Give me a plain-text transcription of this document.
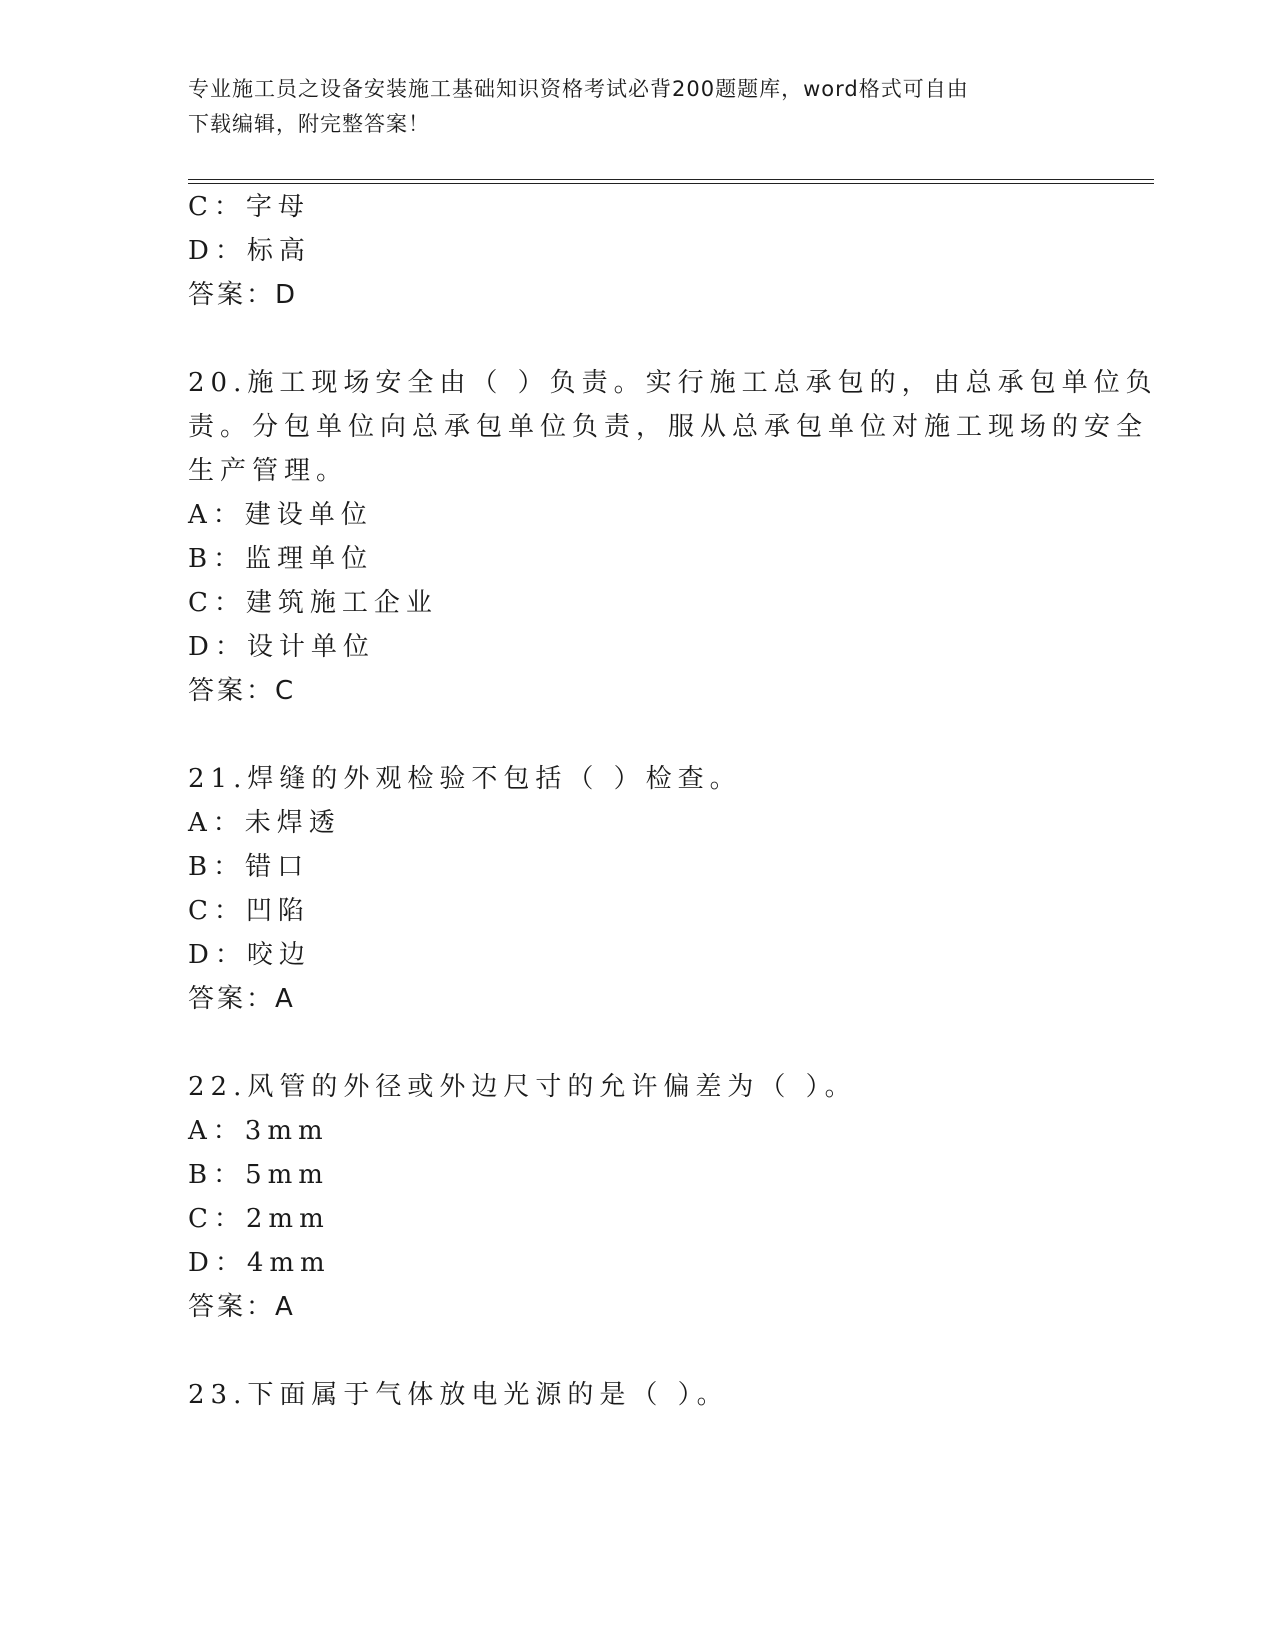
专业施工员之设备安装施工基础知识资格考试必背200题题库，word格式可自由
下载编辑，附完整答案！
C：字母
D：标高
答案：D
20.施工现场安全由（ ）负责。实行施工总承包的，由总承包单位负
责。分包单位向总承包单位负责，服从总承包单位对施工现场的安全
生产管理。
A：建设单位
B：监理单位
C：建筑施工企业
D：设计单位
答案：C
21.焊缝的外观检验不包括（ ）检查。
A：未焊透
B：错口
C：凹陷
D：咬边
答案：A
22.风管的外径或外边尺寸的允许偏差为（ ）。
A：3mm
B：5mm
C：2mm
D：4mm
答案：A
23.下面属于气体放电光源的是（ ）。
